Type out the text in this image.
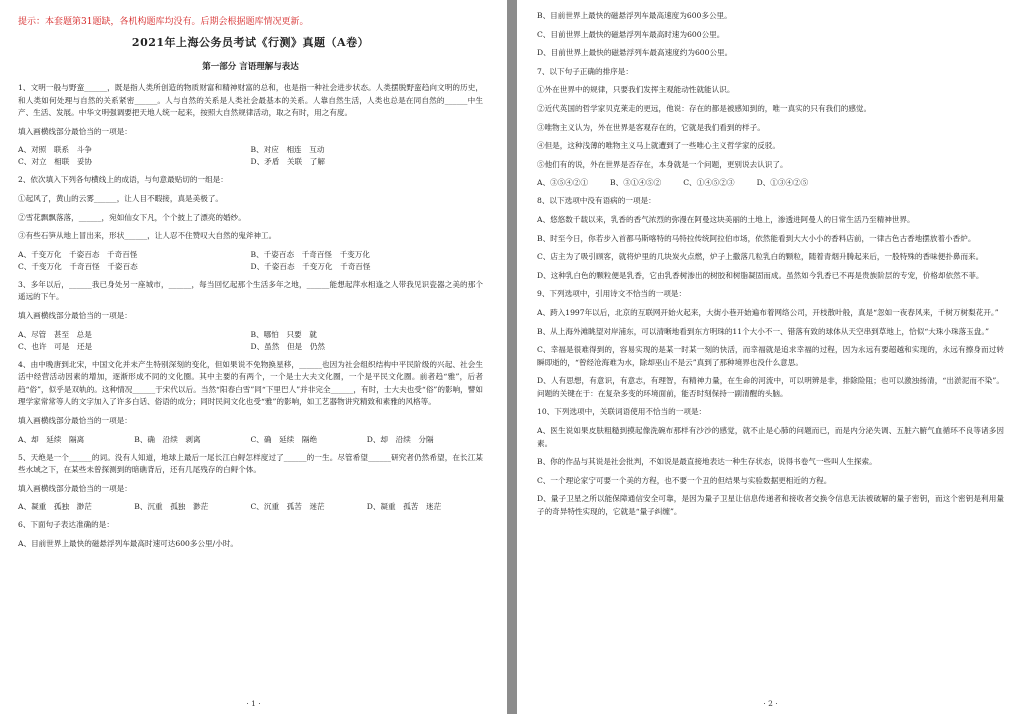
提示：本套题第31题缺，各机构题库均没有。后期会根据题库情况更新。

2021年上海公务员考试《行测》真题（A卷）
第一部分 言语理解与表达

1、文明一般与野蛮______，既是指人类所创造的物质财富和精神财富的总和，也是指一种社会进步状态。人类摆脱野蛮趋向文明的历史，和人类如何处理与自然的关系紧密______。人与自然的关系是人类社会最基本的关系。人靠自然生活，人类也总是在同自然的______中生产、生活、发展。中华文明强调要把天地人统一起来，按照大自然规律活动，取之有时，用之有度。

填入画横线部分最恰当的一项是：

A、对照　联系　斗争	B、对应　相连　互动
C、对立　相联　妥协	D、矛盾　关联　了解

2、依次填入下列各句横线上的成语，与句意最贴切的一组是：

①起风了，黄山的云雾______，让人目不暇接，真是美极了。

②雪花飘飘落落，______，宛如仙女下凡，个个披上了漂亮的婚纱。

③有些石笋从地上冒出来，形状______，让人忍不住赞叹大自然的鬼斧神工。

A、千变万化　千姿百态　千奇百怪	B、千姿百态　千奇百怪　千变万化
C、千变万化　千奇百怪　千姿百态	D、千姿百态　千变万化　千奇百怪

3、多年以后，______我已身处另一座城市，______，每当回忆起那个生活多年之地，______能想起萍水相逢之人带我见识瓷器之美的那个遥远的下午。

填入画横线部分最恰当的一项是：

A、尽管　甚至　总是	B、哪怕　只要　就
C、也许　可是　还是	D、虽然　但是　仍然

4、由中晚唐到北宋，中国文化并未产生特别深刻的变化，但如果说不免物换星移，______也因为社会组织结构中平民阶级的兴起、社会生活中经营活动因素的增加，逐渐形成不同的文化圈。其中主要的有两个，一个是士大夫文化圈，一个是平民文化圈。前者趋“雅”，后者趋“俗”，似乎是双轨的。这种情况______于宋代以后。当然“阳春白雪”同“下里巴人”并非完全______，有时，士大夫也受“俗”的影响，譬如理学家常常等人的文字加入了许多白话、俗语的成分；同时民间文化也受“雅”的影响，如工艺器物讲究精致和素雅的风格等。

填入画横线部分最恰当的一项是：

A、却　延续　隔离	B、确　沿续　剥离	C、确　延续　隔绝	D、却　沿续　分隔

5、天绝是一个______的词。没有人知道，地球上最后一尾长江白鲟怎样度过了______的一生。尽管希望______研究者仍然希望，在长江某些水域之下，在某些未曾探测到的暗礁背后，还有几尾残存的白鲟个体。

填入画横线部分最恰当的一项是：

A、凝重　孤独　渺茫	B、沉重　孤独　渺茫	C、沉重　孤苦　迷茫	D、凝重　孤苦　迷茫

6、下面句子表达准确的是：

A、目前世界上最快的磁悬浮列车最高时速可达600多公里/小时。

· 1 ·

B、目前世界上最快的磁悬浮列车最高速度为600多公里。

C、目前世界上最快的磁悬浮列车最高时速为600公里。

D、目前世界上最快的磁悬浮列车最高速度约为600公里。

7、以下句子正确的排序是：

①外在世界中的规律，只要我们发挥主观能动性就能认识。

②近代英国的哲学家贝克莱走的更远，他说：存在的都是被感知到的，唯一真实的只有我们的感觉。

③唯物主义认为，外在世界是客观存在的，它就是我们看到的样子。

④但是，这种浅薄的唯物主义马上就遭到了一些唯心主义哲学家的反驳。

⑤他们有的说，外在世界是否存在，本身就是一个问题，更别说去认识了。

A、③⑤④②①	B、③①④⑤②	C、①④⑤②③	D、①③④②⑤

8、以下选项中没有语病的一项是：

A、悠悠数千载以来，乳香的香气浓烈的弥漫在阿曼这块美丽的土地上，渗透进阿曼人的日常生活乃至精神世界。

B、时至今日，你若步入首都马斯喀特的马特拉传统阿拉伯市场，依然能看到大大小小的香料店前，一律古色古香地摆放着小香炉。

C、店主为了吸引顾客，就将炉里的几块炭火点燃，炉子上撒落几粒乳白的颗粒，随着青烟升腾起来后，一股特殊的香味便扑鼻而来。

D、这种乳白色的颗粒便是乳香，它由乳香树渗出的树胶和树脂凝固而成。虽然如今乳香已不再是贵族阶层的专宠，价格却依然不菲。

9、下列选项中，引用诗文不恰当的一项是：

A、跨入1997年以后，北京的互联网开始火起来，大街小巷开始遍布着网络公司，开枝散叶般，真是“忽如一夜春风来，千树万树梨花开。”

B、从上海外滩眺望对岸浦东，可以清晰地看到东方明珠的11个大小不一、错落有致的球体从天空串到草地上，恰似“大珠小珠落玉盘。”

C、幸福是很难得到的，容易实现的是某一时某一刻的快活，而幸福就是追求幸福的过程，因为永远有要超越和实现的，永远有擦身而过转瞬即逝的，“曾经沧海难为水，除却巫山不是云”真到了那种境界也没什么意思。

D、人有思想，有意识，有意志，有理智，有精神力量，在生命的河流中，可以明辨是非，排除险阻；也可以激浊扬清，“出淤泥而不染”。问题的关键在于：在复杂多变的环境面前，能否时刻保持一副清醒的头脑。

10、下列选项中，关联词语使用不恰当的一项是：

A、医生说如果皮肤粗糙到摸起像洗碗布那样有沙沙的感觉，就不止是心肺的问题而已，而是内分泌失调、五脏六腑气血循环不良等诸多因素。

B、你的作品与其说是社会批判，不如说是最直接地表达一种生存状态，说得书卷气一些叫人生探索。

C、一个理论家宁可要一个美的方程，也不要一个丑的但结果与实验数据更相近的方程。

D、量子卫星之所以能保障通信安全可靠，是因为量子卫星让信息传递者和接收者交换令信息无法被破解的量子密钥，而这个密钥是利用量子的奇异特性实现的，它就是“量子纠缠”。

· 2 ·
